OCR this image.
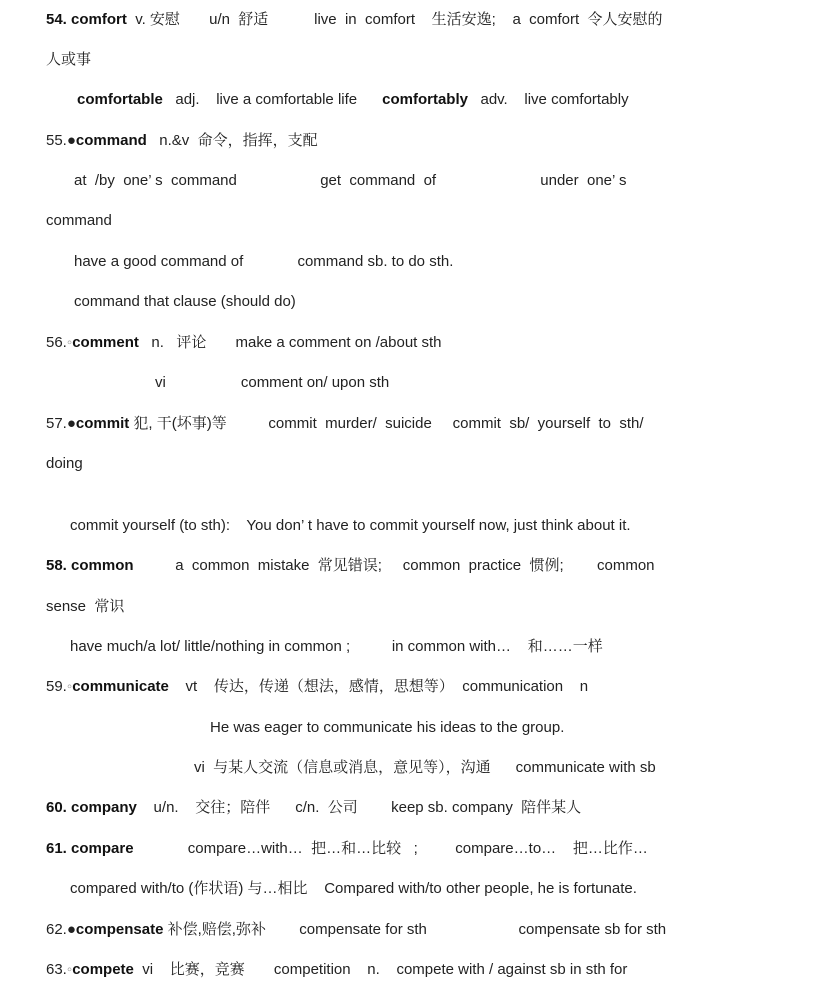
54. comfort  v. 安慰       u/n  舒适           live  in  comfort    生活安逸;    a  comfort  令人安慰的
人或事
comfortable   adj.    live a comfortable life      comfortably   adv.    live comfortably
55.●command   n.&v  命令，指挥，支配
at  /by  one’ s  command                    get  command  of                         under  one’ s
command
have a good command of             command sb. to do sth.
command that clause (should do)
56.◦comment   n.   评论       make a comment on /about sth
vi                  comment on/ upon sth
57.●commit 犯, 干(坏事)等          commit  murder/  suicide     commit  sb/  yourself  to  sth/
doing
commit yourself (to sth):    You don’ t have to commit yourself now, just think about it.
58. common          a  common  mistake  常见错误;     common  practice  惯例;        common
sense  常识
have much/a lot/ little/nothing in common ;          in common with…    和……一样
59.◦communicate    vt    传达，传递（想法，感情，思想等）  communication    n
He was eager to communicate his ideas to the group.
vi  与某人交流（信息或消息，意见等），沟通      communicate with sb
60. company    u/n.    交往；陪伴      c/n.  公司        keep sb. company  陪伴某人
61. compare             compare…with…  把…和…比较   ;         compare…to…    把…比作…
compared with/to (作状语) 与…相比    Compared with/to other people, he is fortunate.
62.●compensate 补偿,赔偿,弥补        compensate for sth                      compensate sb for sth
63.◦compete  vi    比赛，竞赛       competition    n.    compete with / against sb in sth for
